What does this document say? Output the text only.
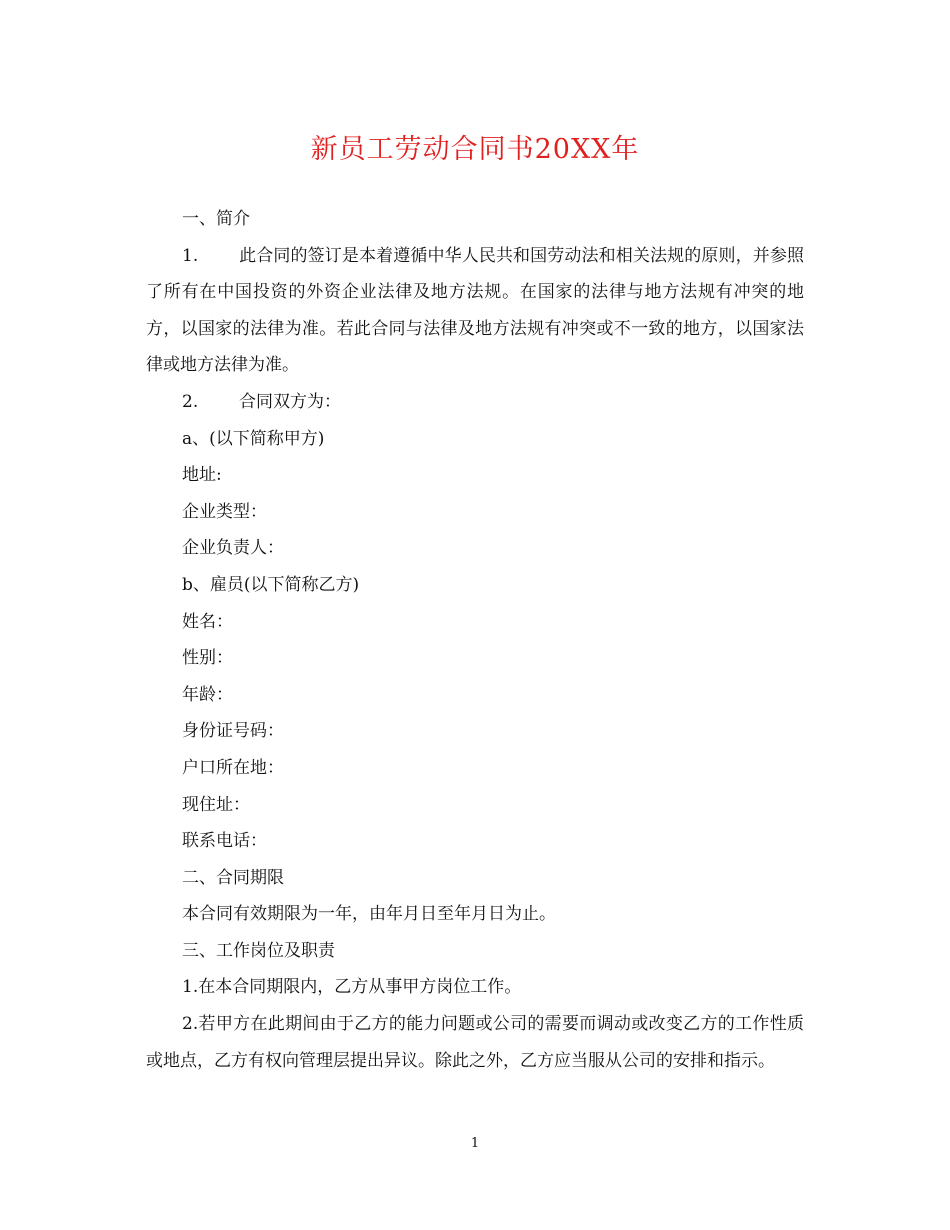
新员工劳动合同书20XX年

一、简介

1. 此合同的签订是本着遵循中华人民共和国劳动法和相关法规的原则，并参照了所有在中国投资的外资企业法律及地方法规。在国家的法律与地方法规有冲突的地方，以国家的法律为准。若此合同与法律及地方法规有冲突或不一致的地方，以国家法律或地方法律为准。

2. 合同双方为：

a、(以下简称甲方)

地址:

企业类型：

企业负责人：

b、雇员(以下简称乙方)

姓名：

性别：

年龄：

身份证号码：

户口所在地：

现住址：

联系电话：

二、合同期限

本合同有效期限为一年，由年月日至年月日为止。

三、工作岗位及职责

1.在本合同期限内，乙方从事甲方岗位工作。

2.若甲方在此期间由于乙方的能力问题或公司的需要而调动或改变乙方的工作性质或地点，乙方有权向管理层提出异议。除此之外，乙方应当服从公司的安排和指示。

1
